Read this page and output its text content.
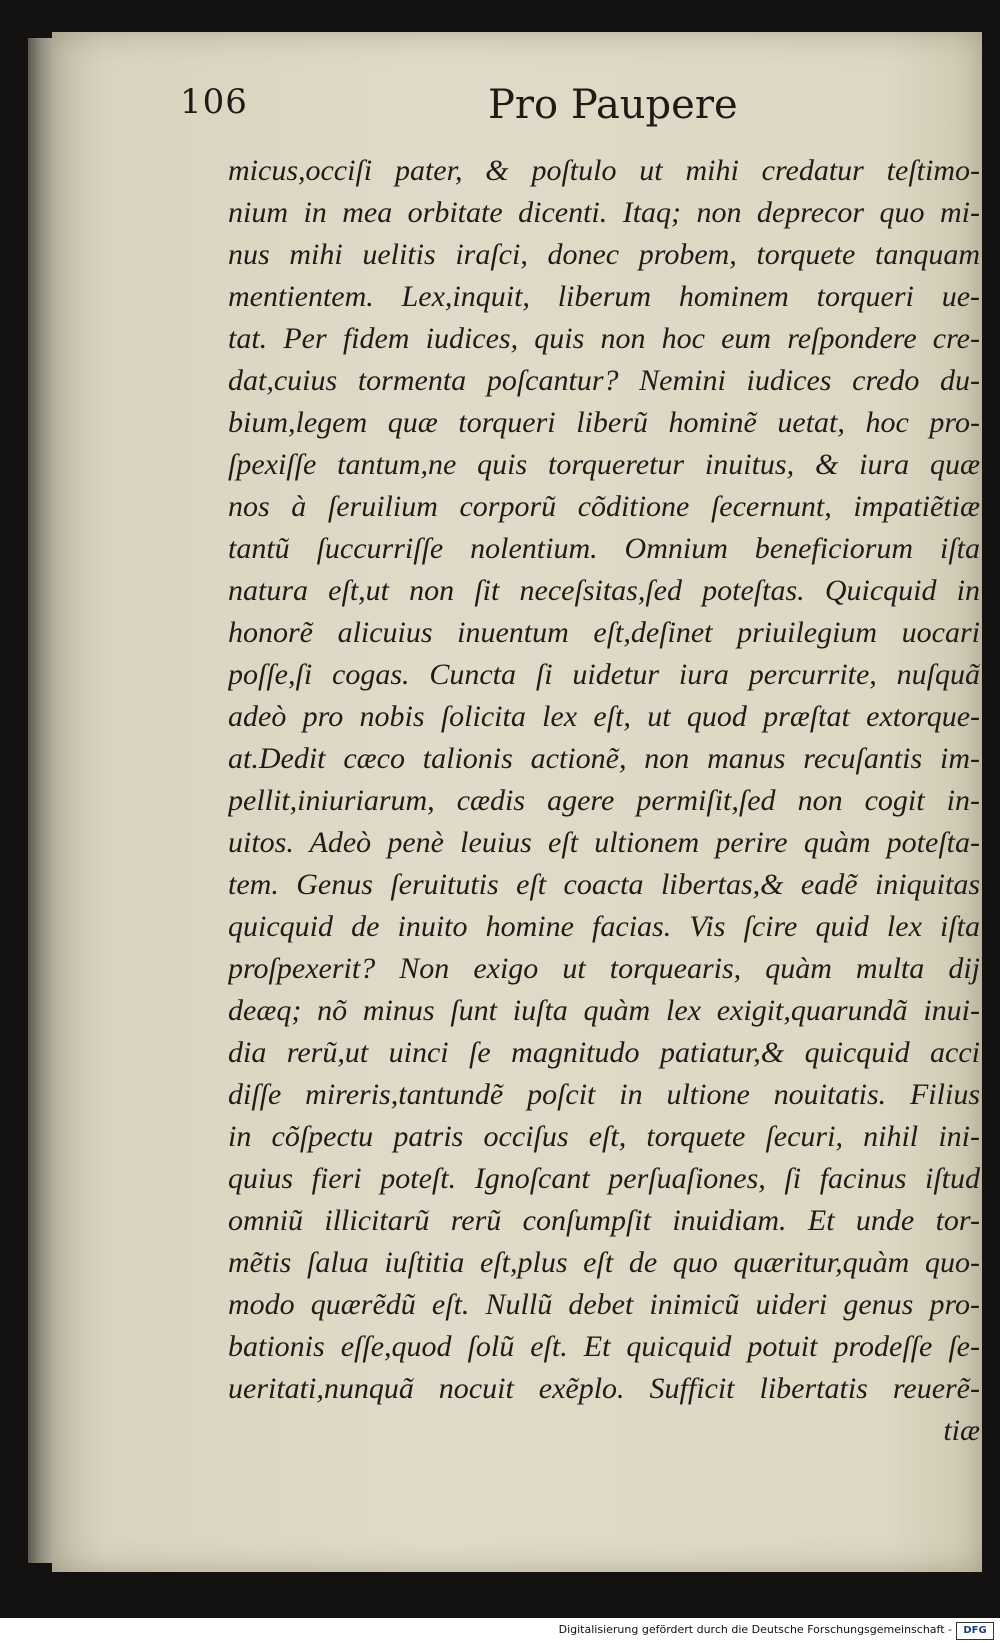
106	Pro Paupere
micus,occiſi pater, & poſtulo ut mihi credatur teſtimo-
nium in mea orbitate dicenti. Itaq; non deprecor quo mi-
nus mihi uelitis iraſci, donec probem, torquete tanquam
mentientem. Lex,inquit, liberum hominem torqueri ue-
tat. Per fidem iudices, quis non hoc eum reſpondere cre-
dat,cuius tormenta poſcantur? Nemini iudices credo du-
bium,legem quæ torqueri liberũ hominẽ uetat, hoc pro-
ſpexiſſe tantum,ne quis torqueretur inuitus, & iura quæ
nos à ſeruilium corporũ cõditione ſecernunt, impatiẽtiæ
tantũ ſuccurriſſe nolentium. Omnium beneficiorum iſta
natura eſt,ut non ſit neceſsitas,ſed poteſtas. Quicquid in
honorẽ alicuius inuentum eſt,deſinet priuilegium uocari
poſſe,ſi cogas. Cuncta ſi uidetur iura percurrite, nuſquã
adeò pro nobis ſolicita lex eſt, ut quod præſtat extorque-
at.Dedit cæco talionis actionẽ, non manus recuſantis im-
pellit,iniuriarum, cædis agere permiſit,ſed non cogit in-
uitos. Adeò penè leuius eſt ultionem perire quàm poteſta-
tem. Genus ſeruitutis eſt coacta libertas,& eadẽ iniquitas
quicquid de inuito homine facias. Vis ſcire quid lex iſta
proſpexerit? Non exigo ut torquearis, quàm multa dij
deæq; nõ minus ſunt iuſta quàm lex exigit,quarundã inui-
dia rerũ,ut uinci ſe magnitudo patiatur,& quicquid acci
diſſe mireris,tantundẽ poſcit in ultione nouitatis. Filius
in cõſpectu patris occiſus eſt, torquete ſecuri, nihil ini-
quius fieri poteſt. Ignoſcant perſuaſiones, ſi facinus iſtud
omniũ illicitarũ rerũ conſumpſit inuidiam. Et unde tor-
mẽtis ſalua iuſtitia eſt,plus eſt de quo quæritur,quàm quo-
modo quærẽdũ eſt. Nullũ debet inimicũ uideri genus pro-
bationis eſſe,quod ſolũ eſt. Et quicquid potuit prodeſſe ſe-
ueritati,nunquã nocuit exẽplo. Sufficit libertatis reuerẽ-
tiæ
Digitalisierung gefördert durch die Deutsche Forschungsgemeinschaft -	DFG
